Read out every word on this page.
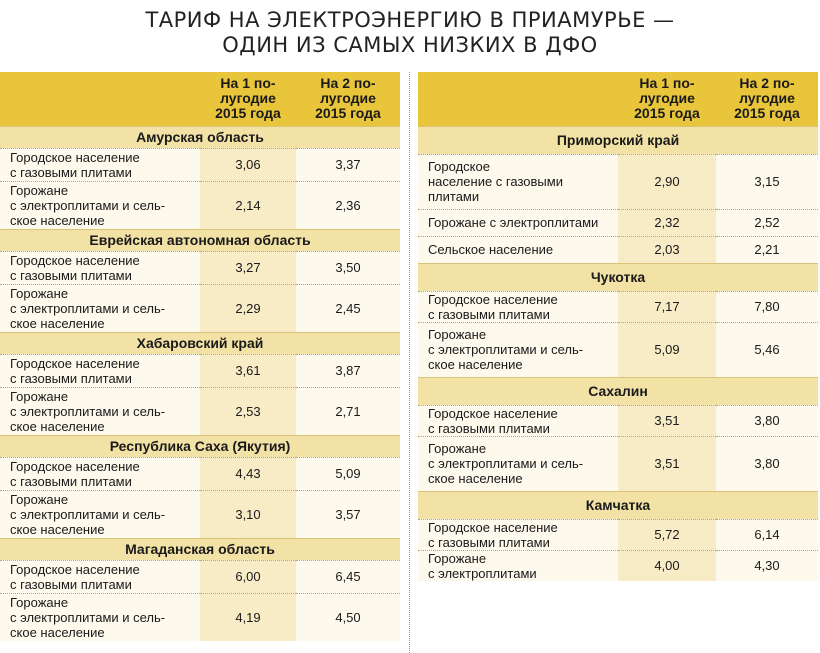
ТАРИФ НА ЭЛЕКТРОЭНЕРГИЮ В ПРИАМУРЬЕ —
ОДИН ИЗ САМЫХ НИЗКИХ В ДФО
	На 1 по-
лугодие
2015 года	На 2 по-
лугодие
2015 года
Амурская область		
Городское население
с газовыми плитами	3,06	3,37
Горожане
с электроплитами и сель-
ское население	2,14	2,36
Еврейская автономная область		
Городское население
с газовыми плитами	3,27	3,50
Горожане
с электроплитами и сель-
ское население	2,29	2,45
Хабаровский край		
Городское население
с газовыми плитами	3,61	3,87
Горожане
с электроплитами и сель-
ское население	2,53	2,71
Республика Саха (Якутия)		
Городское население
с газовыми плитами	4,43	5,09
Горожане
с электроплитами и сель-
ское население	3,10	3,57
Магаданская область		
Городское население
с газовыми плитами	6,00	6,45
Горожане
с электроплитами и сель-
ское население	4,19	4,50
	На 1 по-
лугодие
2015 года	На 2 по-
лугодие
2015 года
Приморский край		
Городское
население с газовыми
плитами	2,90	3,15
Горожане с электроплитами	2,32	2,52
Сельское население	2,03	2,21
Чукотка		
Городское население
с газовыми плитами	7,17	7,80
Горожане
с электроплитами и сель-
ское население	5,09	5,46
Сахалин		
Городское население
с газовыми плитами	3,51	3,80
Горожане
с электроплитами и сель-
ское население	3,51	3,80
Камчатка		
Городское население
с газовыми плитами	5,72	6,14
Горожане
с электроплитами	4,00	4,30
